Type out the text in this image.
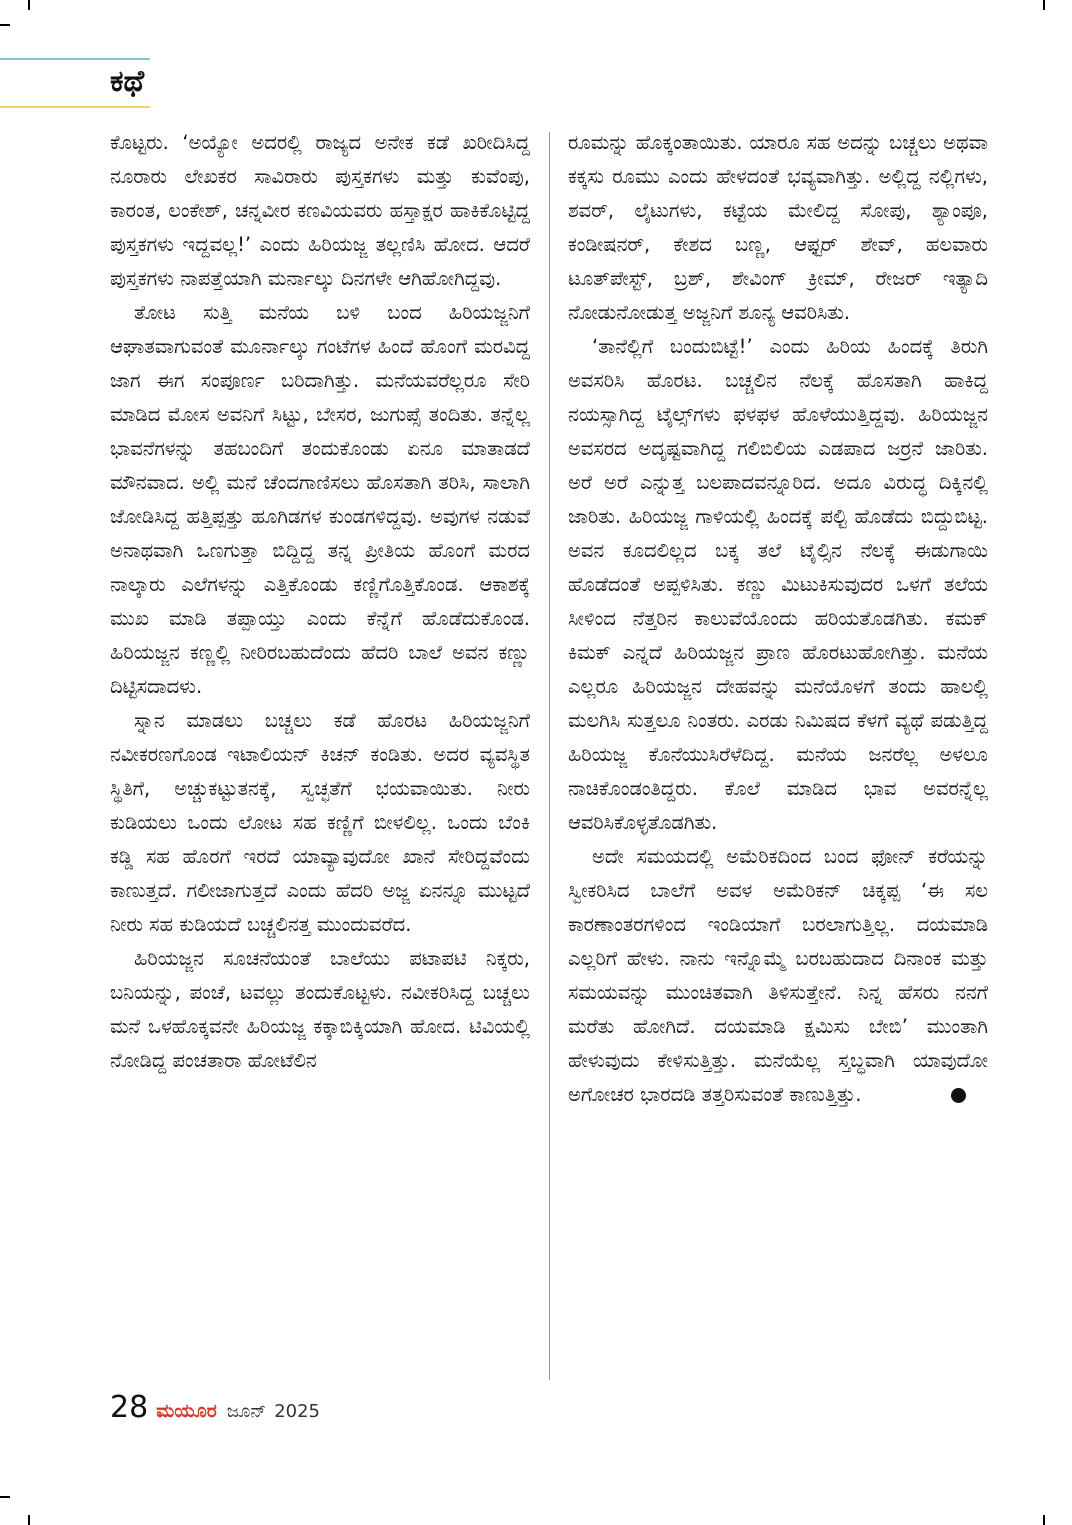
ಕಥೆ

ಕೊಟ್ಟರು. ‘ಅಯ್ಯೋ ಅದರಲ್ಲಿ ರಾಜ್ಯದ ಅನೇಕ ಕಡೆ ಖರೀದಿಸಿದ್ದ ನೂರಾರು ಲೇಖಕರ ಸಾವಿರಾರು ಪುಸ್ತಕಗಳು ಮತ್ತು ಕುವೆಂಪು, ಕಾರಂತ, ಲಂಕೇಶ್, ಚನ್ನವೀರ ಕಣವಿಯವರು ಹಸ್ತಾಕ್ಷರ ಹಾಕಿಕೊಟ್ಟಿದ್ದ ಪುಸ್ತಕಗಳು ಇದ್ದವಲ್ಲ!’ ಎಂದು ಹಿರಿಯಜ್ಜ ತಲ್ಲಣಿಸಿ ಹೋದ. ಆದರೆ ಪುಸ್ತಕಗಳು ನಾಪತ್ತೆಯಾಗಿ ಮರ್ನಾಲ್ಕು ದಿನಗಳೇ ಆಗಿಹೋಗಿದ್ದವು.

ತೋಟ ಸುತ್ತಿ ಮನೆಯ ಬಳಿ ಬಂದ ಹಿರಿಯಜ್ಜನಿಗೆ ಆಘಾತವಾಗುವಂತೆ ಮೂರ್ನಾಲ್ಕು ಗಂಟೆಗಳ ಹಿಂದೆ ಹೊಂಗೆ ಮರವಿದ್ದ ಜಾಗ ಈಗ ಸಂಪೂರ್ಣ ಬರಿದಾಗಿತ್ತು. ಮನೆಯವರೆಲ್ಲರೂ ಸೇರಿ ಮಾಡಿದ ಮೋಸ ಅವನಿಗೆ ಸಿಟ್ಟು, ಬೇಸರ, ಜುಗುಪ್ಸೆ ತಂದಿತು. ತನ್ನೆಲ್ಲ ಭಾವನೆಗಳನ್ನು ತಹಬಂದಿಗೆ ತಂದುಕೊಂಡು ಏನೂ ಮಾತಾಡದೆ ಮೌನವಾದ. ಅಲ್ಲಿ ಮನೆ ಚೆಂದಗಾಣಿಸಲು ಹೊಸತಾಗಿ ತರಿಸಿ, ಸಾಲಾಗಿ ಜೋಡಿಸಿದ್ದ ಹತ್ತಿಪ್ಪತ್ತು ಹೂಗಿಡಗಳ ಕುಂಡಗಳಿದ್ದವು. ಅವುಗಳ ನಡುವೆ ಅನಾಥವಾಗಿ ಒಣಗುತ್ತಾ ಬಿದ್ದಿದ್ದ ತನ್ನ ಪ್ರೀತಿಯ ಹೊಂಗೆ ಮರದ ನಾಲ್ಕಾರು ಎಲೆಗಳನ್ನು ಎತ್ತಿಕೊಂಡು ಕಣ್ಣಿಗೊತ್ತಿಕೊಂಡ. ಆಕಾಶಕ್ಕೆ ಮುಖ ಮಾಡಿ ತಪ್ಪಾಯ್ತು ಎಂದು ಕೆನ್ನೆಗೆ ಹೊಡೆದುಕೊಂಡ. ಹಿರಿಯಜ್ಜನ ಕಣ್ಣಲ್ಲಿ ನೀರಿರಬಹುದೆಂದು ಹೆದರಿ ಬಾಲೆ ಅವನ ಕಣ್ಣು ದಿಟ್ಟಿಸದಾದಳು.

ಸ್ನಾನ ಮಾಡಲು ಬಚ್ಚಲು ಕಡೆ ಹೊರಟ ಹಿರಿಯಜ್ಜನಿಗೆ ನವೀಕರಣಗೊಂಡ ಇಟಾಲಿಯನ್ ಕಿಚನ್ ಕಂಡಿತು. ಅದರ ವ್ಯವಸ್ಥಿತ ಸ್ಥಿತಿಗೆ, ಅಚ್ಚುಕಟ್ಟುತನಕ್ಕೆ, ಸ್ವಚ್ಛತೆಗೆ ಭಯವಾಯಿತು. ನೀರು ಕುಡಿಯಲು ಒಂದು ಲೋಟ ಸಹ ಕಣ್ಣಿಗೆ ಬೀಳಲಿಲ್ಲ. ಒಂದು ಬೆಂಕಿ ಕಡ್ಡಿ ಸಹ ಹೊರಗೆ ಇರದೆ ಯಾವ್ಯಾವುದೋ ಖಾನೆ ಸೇರಿದ್ದವೆಂದು ಕಾಣುತ್ತದೆ. ಗಲೀಜಾಗುತ್ತದೆ ಎಂದು ಹೆದರಿ ಅಜ್ಜ ಏನನ್ನೂ ಮುಟ್ಟದೆ ನೀರು ಸಹ ಕುಡಿಯದೆ ಬಚ್ಚಲಿನತ್ತ ಮುಂದುವರೆದ.

ಹಿರಿಯಜ್ಜನ ಸೂಚನೆಯಂತೆ ಬಾಲೆಯು ಪಟಾಪಟಿ ನಿಕ್ಕರು, ಬನಿಯನ್ನು, ಪಂಚೆ, ಟವಲ್ಲು ತಂದುಕೊಟ್ಟಳು. ನವೀಕರಿಸಿದ್ದ ಬಚ್ಚಲು ಮನೆ ಒಳಹೊಕ್ಕವನೇ ಹಿರಿಯಜ್ಜ ಕಕ್ಕಾಬಿಕ್ಕಿಯಾಗಿ ಹೋದ. ಟಿವಿಯಲ್ಲಿ ನೋಡಿದ್ದ ಪಂಚತಾರಾ ಹೋಟೆಲಿನ

ರೂಮನ್ನು ಹೊಕ್ಕಂತಾಯಿತು. ಯಾರೂ ಸಹ ಅದನ್ನು ಬಚ್ಚಲು ಅಥವಾ ಕಕ್ಕಸು ರೂಮು ಎಂದು ಹೇಳದಂತೆ ಭವ್ಯವಾಗಿತ್ತು. ಅಲ್ಲಿದ್ದ ನಲ್ಲಿಗಳು, ಶವರ್, ಲೈಟುಗಳು, ಕಟ್ಟೆಯ ಮೇಲಿದ್ದ ಸೋಪು, ಶ್ಯಾಂಪೂ, ಕಂಡೀಷನರ್, ಕೇಶದ ಬಣ್ಣ, ಆಫ್ಟರ್ ಶೇವ್, ಹಲವಾರು ಟೂತ್‌ಪೇಸ್ಟ್, ಬ್ರಶ್, ಶೇವಿಂಗ್ ಕ್ರೀಮ್, ರೇಜರ್ ಇತ್ಯಾದಿ ನೋಡುನೋಡುತ್ತ ಅಜ್ಜನಿಗೆ ಶೂನ್ಯ ಆವರಿಸಿತು.

‘ತಾನೆಲ್ಲಿಗೆ ಬಂದುಬಿಟ್ಟೆ!’ ಎಂದು ಹಿರಿಯ ಹಿಂದಕ್ಕೆ ತಿರುಗಿ ಅವಸರಿಸಿ ಹೊರಟ. ಬಚ್ಚಲಿನ ನೆಲಕ್ಕೆ ಹೊಸತಾಗಿ ಹಾಕಿದ್ದ ನಯಸ್ಸಾಗಿದ್ದ ಟೈಲ್ಸ್‌ಗಳು ಫಳಫಳ ಹೊಳೆಯುತ್ತಿದ್ದವು. ಹಿರಿಯಜ್ಜನ ಅವಸರದ ಅದೃಷ್ಟವಾಗಿದ್ದ ಗಲಿಬಿಲಿಯ ಎಡಪಾದ ಜರ್ರನೆ ಜಾರಿತು. ಅರೆ ಅರೆ ಎನ್ನುತ್ತ ಬಲಪಾದವನ್ನೂರಿದ. ಅದೂ ವಿರುದ್ಧ ದಿಕ್ಕಿನಲ್ಲಿ ಜಾರಿತು. ಹಿರಿಯಜ್ಜ ಗಾಳಿಯಲ್ಲಿ ಹಿಂದಕ್ಕೆ ಪಲ್ಟಿ ಹೊಡೆದು ಬಿದ್ದುಬಿಟ್ಟ. ಅವನ ಕೂದಲಿಲ್ಲದ ಬಕ್ಕ ತಲೆ ಟೈಲ್ಸಿನ ನೆಲಕ್ಕೆ ಈಡುಗಾಯಿ ಹೊಡೆದಂತೆ ಅಪ್ಪಳಿಸಿತು. ಕಣ್ಣು ಮಿಟುಕಿಸುವುದರ ಒಳಗೆ ತಲೆಯ ಸೀಳಿಂದ ನೆತ್ತರಿನ ಕಾಲುವೆಯೊಂದು ಹರಿಯತೊಡಗಿತು. ಕಮಕ್ ಕಿಮಕ್ ಎನ್ನದೆ ಹಿರಿಯಜ್ಜನ ಪ್ರಾಣ ಹೊರಟುಹೋಗಿತ್ತು. ಮನೆಯ ಎಲ್ಲರೂ ಹಿರಿಯಜ್ಜನ ದೇಹವನ್ನು ಮನೆಯೊಳಗೆ ತಂದು ಹಾಲಲ್ಲಿ ಮಲಗಿಸಿ ಸುತ್ತಲೂ ನಿಂತರು. ಎರಡು ನಿಮಿಷದ ಕೆಳಗೆ ವ್ಯಥೆ ಪಡುತ್ತಿದ್ದ ಹಿರಿಯಜ್ಜ ಕೊನೆಯುಸಿರೆಳೆದಿದ್ದ. ಮನೆಯ ಜನರೆಲ್ಲ ಅಳಲೂ ನಾಚಿಕೊಂಡಂತಿದ್ದರು. ಕೊಲೆ ಮಾಡಿದ ಭಾವ ಅವರನ್ನೆಲ್ಲ ಆವರಿಸಿಕೊಳ್ಳತೊಡಗಿತು.

ಅದೇ ಸಮಯದಲ್ಲಿ ಅಮೆರಿಕದಿಂದ ಬಂದ ಫೋನ್ ಕರೆಯನ್ನು ಸ್ವೀಕರಿಸಿದ ಬಾಲೆಗೆ ಅವಳ ಅಮೆರಿಕನ್ ಚಿಕ್ಕಪ್ಪ ‘ಈ ಸಲ ಕಾರಣಾಂತರಗಳಿಂದ ಇಂಡಿಯಾಗೆ ಬರಲಾಗುತ್ತಿಲ್ಲ. ದಯಮಾಡಿ ಎಲ್ಲರಿಗೆ ಹೇಳು. ನಾನು ಇನ್ನೊಮ್ಮೆ ಬರಬಹುದಾದ ದಿನಾಂಕ ಮತ್ತು ಸಮಯವನ್ನು ಮುಂಚಿತವಾಗಿ ತಿಳಿಸುತ್ತೇನೆ. ನಿನ್ನ ಹೆಸರು ನನಗೆ ಮರೆತು ಹೋಗಿದೆ. ದಯಮಾಡಿ ಕ್ಷಮಿಸು ಬೇಬಿ’ ಮುಂತಾಗಿ ಹೇಳುವುದು ಕೇಳಿಸುತ್ತಿತ್ತು. ಮನೆಯೆಲ್ಲ ಸ್ತಬ್ಧವಾಗಿ ಯಾವುದೋ ಅಗೋಚರ ಭಾರದಡಿ ತತ್ತರಿಸುವಂತೆ ಕಾಣುತ್ತಿತ್ತು.

28 ಮಯೂರ ಜೂನ್ 2025
